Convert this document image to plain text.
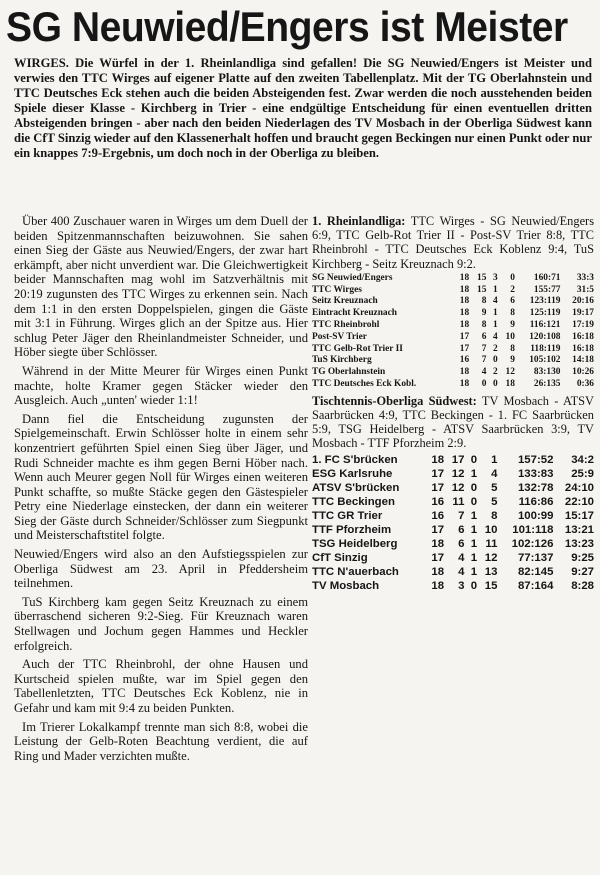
SG Neuwied/Engers ist Meister

WIRGES. Die Würfel in der 1. Rheinlandliga sind gefallen! Die SG Neuwied/Engers ist Meister und verwies den TTC Wirges auf eigener Platte auf den zweiten Tabellenplatz. Mit der TG Oberlahnstein und TTC Deutsches Eck stehen auch die beiden Absteigenden fest. Zwar werden die noch ausstehenden beiden Spiele dieser Klasse - Kirchberg in Trier - eine endgültige Entscheidung für einen eventuellen dritten Absteigenden bringen - aber nach den beiden Niederlagen des TV Mosbach in der Oberliga Südwest kann die CfT Sinzig wieder auf den Klassenerhalt hoffen und braucht gegen Beckingen nur einen Punkt oder nur ein knappes 7:9-Ergebnis, um doch noch in der Oberliga zu bleiben.

Über 400 Zuschauer waren in Wirges um dem Duell der beiden Spitzenmannschaften beizuwohnen. Sie sahen einen Sieg der Gäste aus Neuwied/Engers, der zwar hart erkämpft, aber nicht unverdient war. Die Gleichwertigkeit beider Mannschaften mag wohl im Satzverhältnis mit 20:19 zugunsten des TTC Wirges zu erkennen sein. Nach dem 1:1 in den ersten Doppelspielen, gingen die Gäste mit 3:1 in Führung. Wirges glich an der Spitze aus. Hier schlug Peter Jäger den Rheinlandmeister Schneider, und Höber siegte über Schlösser.

Während in der Mitte Meurer für Wirges einen Punkt machte, holte Kramer gegen Stäcker wieder den Ausgleich. Auch „unten' wieder 1:1!

Dann fiel die Entscheidung zugunsten der Spielgemeinschaft. Erwin Schlösser holte in einem sehr konzentriert geführten Spiel einen Sieg über Jäger, und Rudi Schneider machte es ihm gegen Berni Höber nach. Wenn auch Meurer gegen Noll für Wirges einen weiteren Punkt schaffte, so mußte Stäcke gegen den Gästespieler Petry eine Niederlage einstecken, der dann ein weiterer Sieg der Gäste durch Schneider/Schlösser zum Siegpunkt und Meisterschaftstitel folgte.

Neuwied/Engers wird also an den Aufstiegsspielen zur Oberliga Südwest am 23. April in Pfeddersheim teilnehmen.

TuS Kirchberg kam gegen Seitz Kreuznach zu einem überraschend sicheren 9:2-Sieg. Für Kreuznach waren Stellwagen und Jochum gegen Hammes und Heckler erfolgreich.

Auch der TTC Rheinbrohl, der ohne Hausen und Kurtscheid spielen mußte, war im Spiel gegen den Tabellenletzten, TTC Deutsches Eck Koblenz, nie in Gefahr und kam mit 9:4 zu beiden Punkten.

Im Trierer Lokalkampf trennte man sich 8:8, wobei die Leistung der Gelb-Roten Beachtung verdient, die auf Ring und Mader verzichten mußte.

1. Rheinlandliga: TTC Wirges - SG Neuwied/Engers 6:9, TTC Gelb-Rot Trier II - Post-SV Trier 8:8, TTC Rheinbrohl - TTC Deutsches Eck Koblenz 9:4, TuS Kirchberg - Seitz Kreuznach 9:2.

SG Neuwied/Engers	18	15	3	0	160:71	33:3
TTC Wirges	18	15	1	2	155:77	31:5
Seitz Kreuznach	18	8	4	6	123:119	20:16
Eintracht Kreuznach	18	9	1	8	125:119	19:17
TTC Rheinbrohl	18	8	1	9	116:121	17:19
Post-SV Trier	17	6	4	10	120:108	16:18
TTC Gelb-Rot Trier II	17	7	2	8	118:119	16:18
TuS Kirchberg	16	7	0	9	105:102	14:18
TG Oberlahnstein	18	4	2	12	83:130	10:26
TTC Deutsches Eck Kobl.	18	0	0	18	26:135	0:36

Tischtennis-Oberliga Südwest: TV Mosbach - ATSV Saarbrücken 4:9, TTC Beckingen - 1. FC Saarbrücken 5:9, TSG Heidelberg - ATSV Saarbrücken 3:9, TV Mosbach - TTF Pforzheim 2:9.

1. FC S'brücken	18	17	0	1	157:52	34:2
ESG Karlsruhe	17	12	1	4	133:83	25:9
ATSV S'brücken	17	12	0	5	132:78	24:10
TTC Beckingen	16	11	0	5	116:86	22:10
TTC GR Trier	16	7	1	8	100:99	15:17
TTF Pforzheim	17	6	1	10	101:118	13:21
TSG Heidelberg	18	6	1	11	102:126	13:23
CfT Sinzig	17	4	1	12	77:137	9:25
TTC N'auerbach	18	4	1	13	82:145	9:27
TV Mosbach	18	3	0	15	87:164	8:28
